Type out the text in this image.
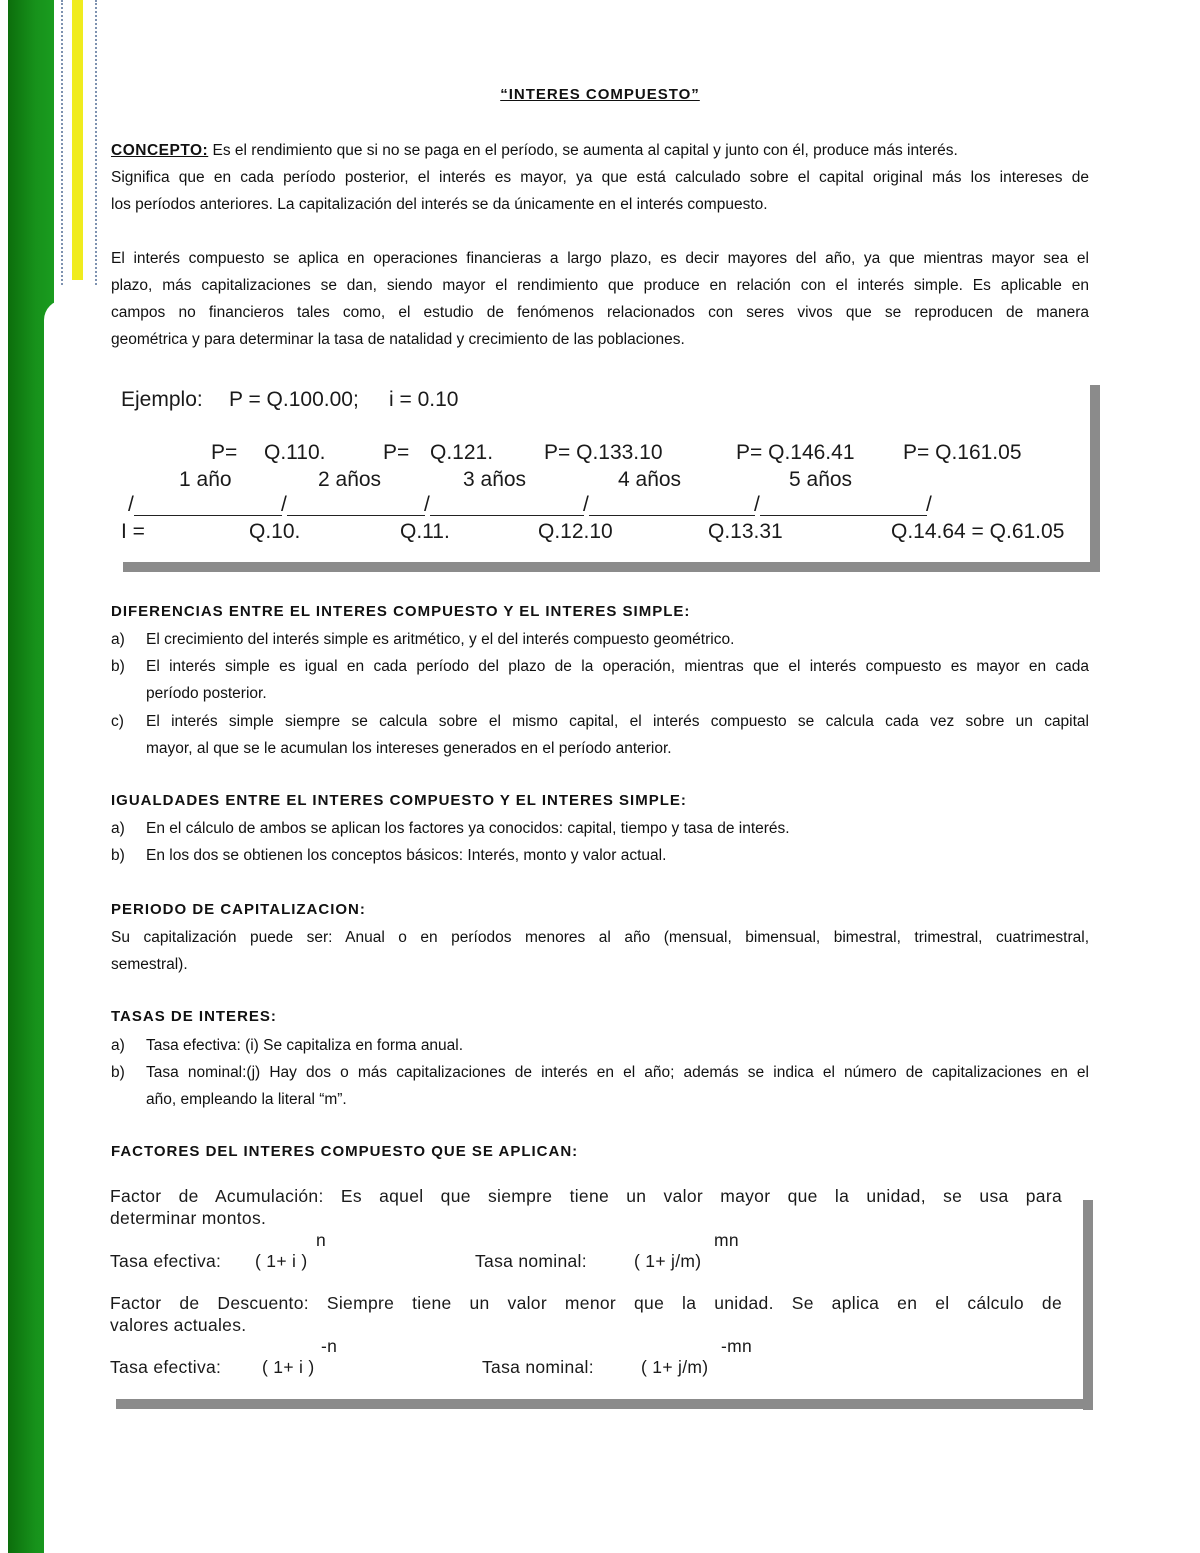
“INTERES COMPUESTO”
CONCEPTO: Es el rendimiento que si no se paga en el período, se aumenta al capital y junto con él, produce más interés.
Significa que en cada período posterior, el interés es mayor, ya que está calculado sobre el capital original más los intereses de
los períodos anteriores. La capitalización del interés se da únicamente en el interés compuesto.
El interés compuesto se aplica en operaciones financieras a largo plazo, es decir mayores del año, ya que mientras mayor sea el
plazo, más capitalizaciones se dan, siendo mayor el rendimiento que produce en relación con el interés simple. Es aplicable en
campos no financieros tales como, el estudio de fenómenos relacionados con seres vivos que se reproducen de manera
geométrica y para determinar la tasa de natalidad y crecimiento de las poblaciones.
Ejemplo: P = Q.100.00; i = 0.10
P= Q.110.	P= Q.121. P= Q.133.10	P= Q.146.41 P= Q.161.05
1 año	2 años	3 años	4 años	5 años
/	/	/	/	/	/
I =	Q.10.	Q.11.	Q.12.10	Q.13.31	Q.14.64 = Q.61.05
DIFERENCIAS ENTRE EL INTERES COMPUESTO Y EL INTERES SIMPLE:
a) El crecimiento del interés simple es aritmético, y el del interés compuesto geométrico.
b) El interés simple es igual en cada período del plazo de la operación, mientras que el interés compuesto es mayor en cada
período posterior.
c) El interés simple siempre se calcula sobre el mismo capital, el interés compuesto se calcula cada vez sobre un capital
mayor, al que se le acumulan los intereses generados en el período anterior.
IGUALDADES ENTRE EL INTERES COMPUESTO Y EL INTERES SIMPLE:
a) En el cálculo de ambos se aplican los factores ya conocidos: capital, tiempo y tasa de interés.
b) En los dos se obtienen los conceptos básicos: Interés, monto y valor actual.
PERIODO DE CAPITALIZACION:
Su capitalización puede ser: Anual o en períodos menores al año (mensual, bimensual, bimestral, trimestral, cuatrimestral,
semestral).
TASAS DE INTERES:
a) Tasa efectiva: (i) Se capitaliza en forma anual.
b) Tasa nominal:(j) Hay dos o más capitalizaciones de interés en el año; además se indica el número de capitalizaciones en el
año, empleando la literal “m”.
FACTORES DEL INTERES COMPUESTO QUE SE APLICAN:
Factor de Acumulación: Es aquel que siempre tiene un valor mayor que la unidad, se usa para
determinar montos.
n	mn
Tasa efectiva: ( 1+ i )	Tasa nominal:	( 1+ j/m)
Factor de Descuento: Siempre tiene un valor menor que la unidad. Se aplica en el cálculo de
valores actuales.
-n	-mn
Tasa efectiva: ( 1+ i )	Tasa nominal:	( 1+ j/m)
